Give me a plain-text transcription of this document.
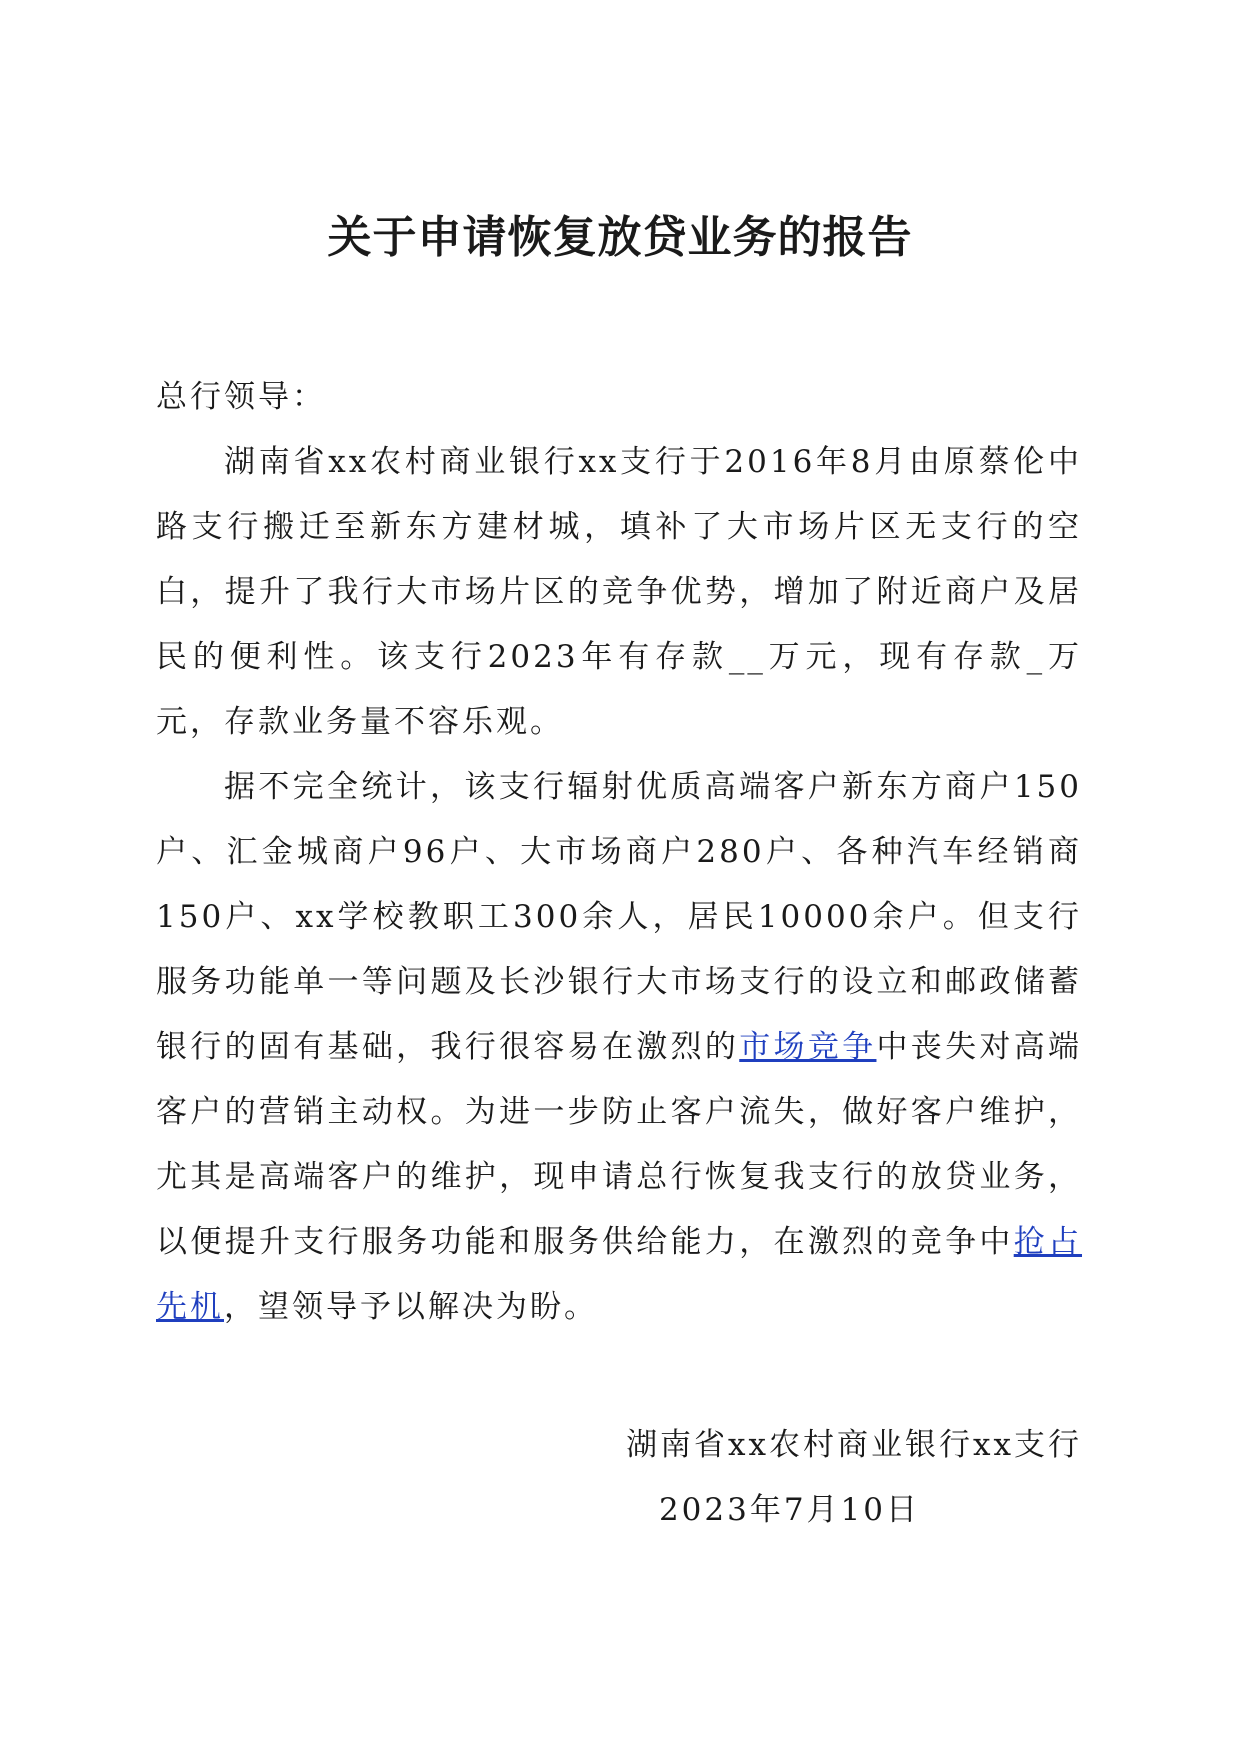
关于申请恢复放贷业务的报告

总行领导：

湖南省xx农村商业银行xx支行于2016年8月由原蔡伦中路支行搬迁至新东方建材城，填补了大市场片区无支行的空白，提升了我行大市场片区的竞争优势，增加了附近商户及居民的便利性。该支行2023年有存款__万元，现有存款_万元，存款业务量不容乐观。

据不完全统计，该支行辐射优质高端客户新东方商户150户、汇金城商户96户、大市场商户280户、各种汽车经销商150户、xx学校教职工300余人，居民10000余户。但支行服务功能单一等问题及长沙银行大市场支行的设立和邮政储蓄银行的固有基础，我行很容易在激烈的市场竞争中丧失对高端客户的营销主动权。为进一步防止客户流失，做好客户维护，尤其是高端客户的维护，现申请总行恢复我支行的放贷业务，以便提升支行服务功能和服务供给能力，在激烈的竞争中抢占先机，望领导予以解决为盼。

湖南省xx农村商业银行xx支行

2023年7月10日
